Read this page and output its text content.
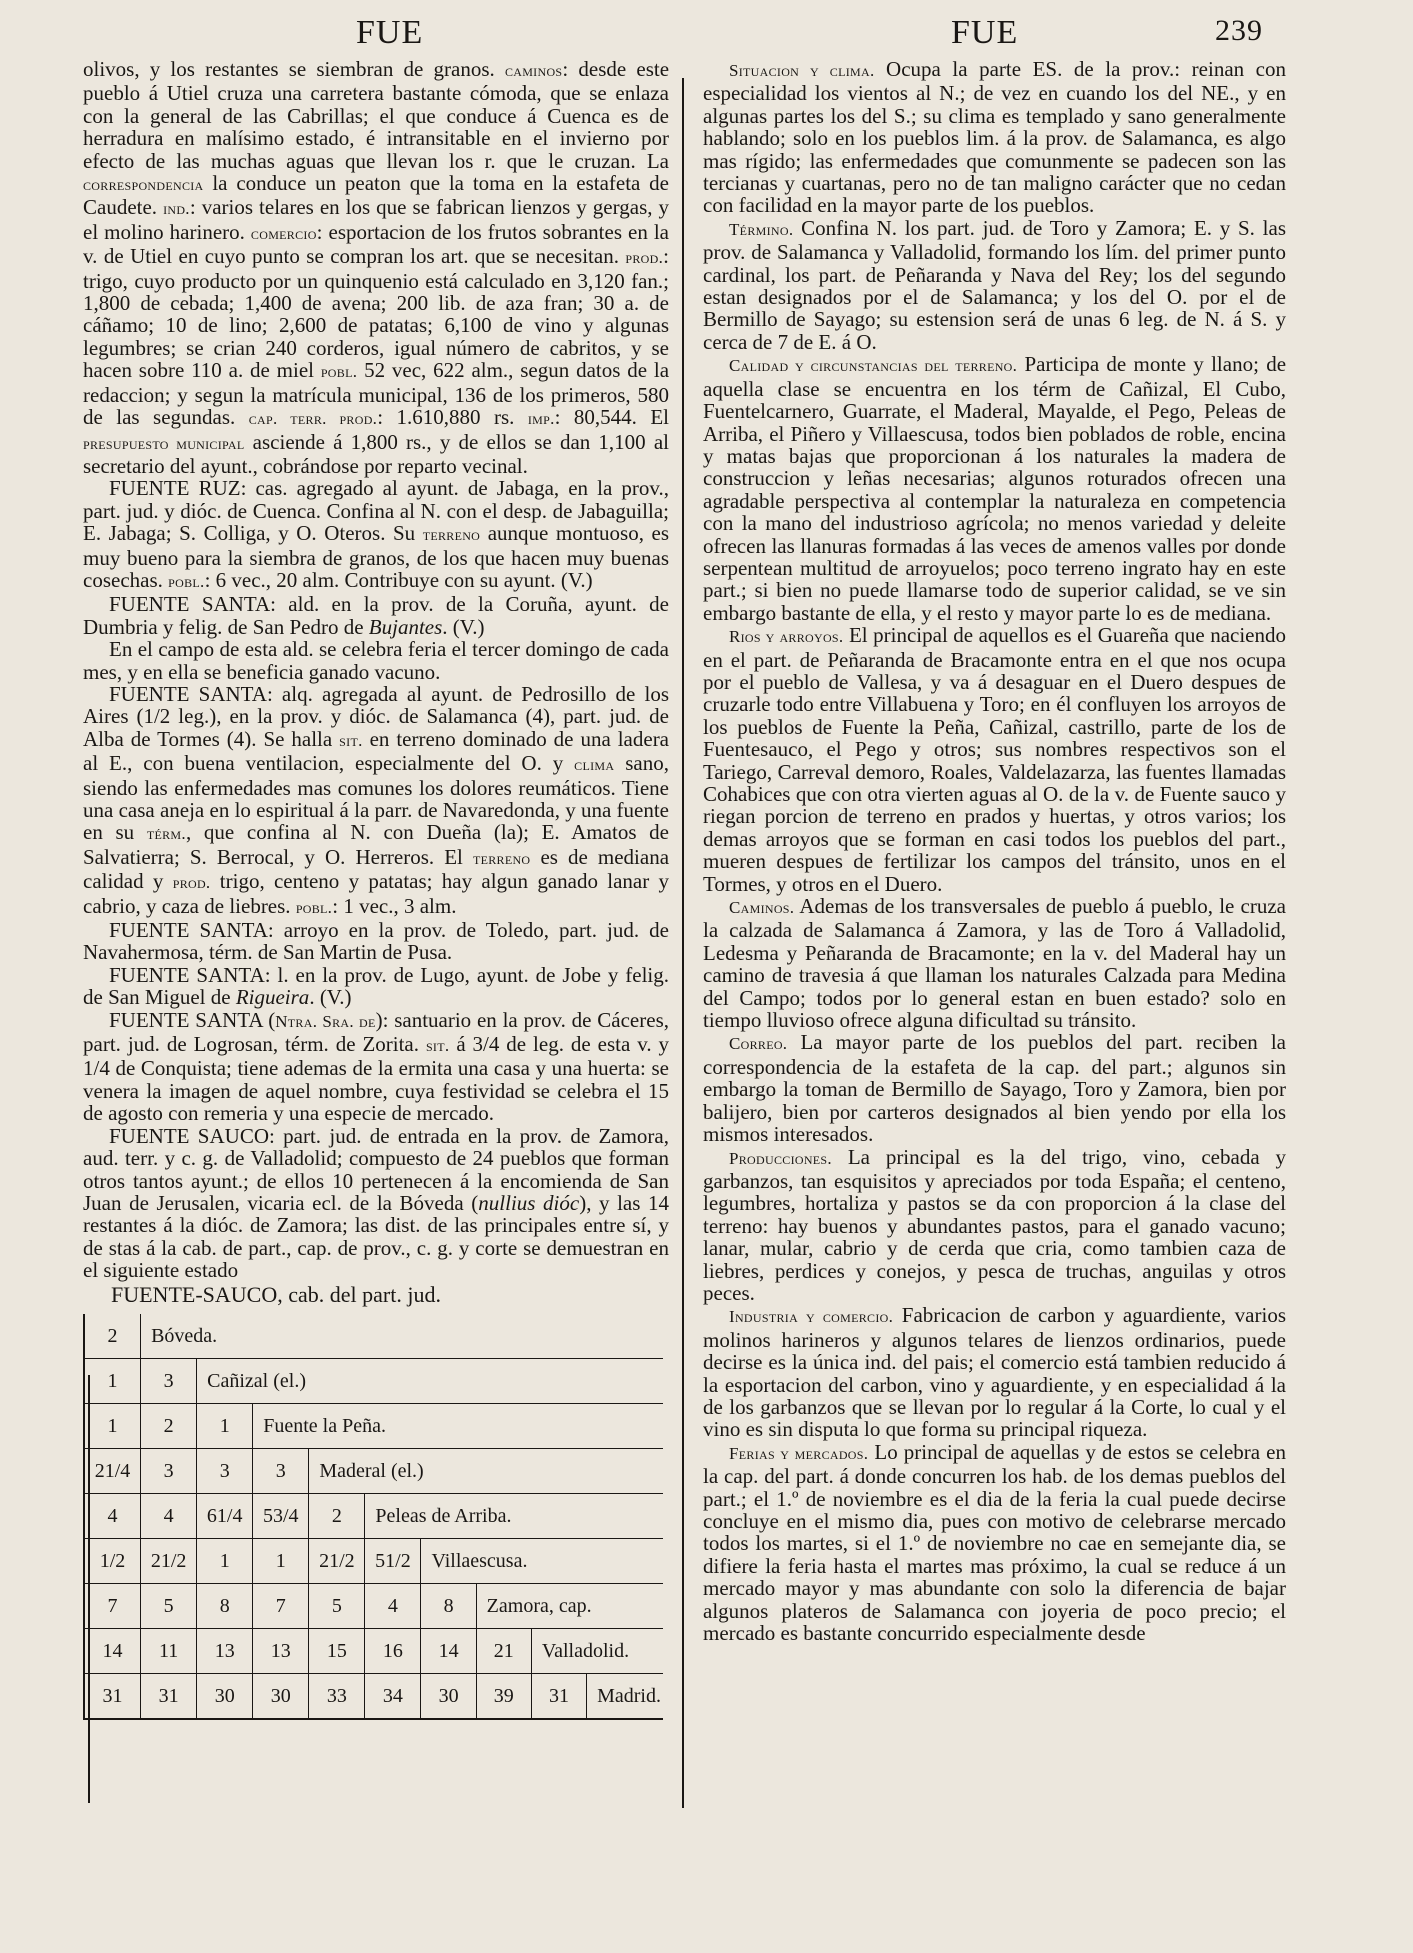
FUE	FUE	239

olivos, y los restantes se siembran de granos. caminos: desde este pueblo á Utiel cruza una carretera bastante cómoda, que se enlaza con la general de las Cabrillas; el que conduce á Cuenca es de herradura en malísimo estado, é intransitable en el invierno por efecto de las muchas aguas que llevan los r. que le cruzan. La correspondencia la conduce un peaton que la toma en la estafeta de Caudete. ind.: varios telares en los que se fabrican lienzos y gergas, y el molino harinero. comercio: esportacion de los frutos sobrantes en la v. de Utiel en cuyo punto se compran los art. que se necesitan. prod.: trigo, cuyo producto por un quinquenio está calculado en 3,120 fan.; 1,800 de cebada; 1,400 de avena; 200 lib. de aza fran; 30 a. de cáñamo; 10 de lino; 2,600 de patatas; 6,100 de vino y algunas legumbres; se crian 240 corderos, igual número de cabritos, y se hacen sobre 110 a. de miel pobl. 52 vec, 622 alm., segun datos de la redaccion; y segun la matrícula municipal, 136 de los primeros, 580 de las segundas. cap. terr. prod.: 1.610,880 rs. imp.: 80,544. El presupuesto municipal asciende á 1,800 rs., y de ellos se dan 1,100 al secretario del ayunt., cobrándose por reparto vecinal.

FUENTE RUZ: cas. agregado al ayunt. de Jabaga, en la prov., part. jud. y dióc. de Cuenca. Confina al N. con el desp. de Jabaguilla; E. Jabaga; S. Colliga, y O. Oteros. Su terreno aunque montuoso, es muy bueno para la siembra de granos, de los que hacen muy buenas cosechas. pobl.: 6 vec., 20 alm. Contribuye con su ayunt. (V.)

FUENTE SANTA: ald. en la prov. de la Coruña, ayunt. de Dumbria y felig. de San Pedro de Bujantes. (V.)

En el campo de esta ald. se celebra feria el tercer domingo de cada mes, y en ella se beneficia ganado vacuno.

FUENTE SANTA: alq. agregada al ayunt. de Pedrosillo de los Aires (1/2 leg.), en la prov. y dióc. de Salamanca (4), part. jud. de Alba de Tormes (4). Se halla sit. en terreno dominado de una ladera al E., con buena ventilacion, especialmente del O. y clima sano, siendo las enfermedades mas comunes los dolores reumáticos. Tiene una casa aneja en lo espiritual á la parr. de Navaredonda, y una fuente en su térm., que confina al N. con Dueña (la); E. Amatos de Salvatierra; S. Berrocal, y O. Herreros. El terreno es de mediana calidad y prod. trigo, centeno y patatas; hay algun ganado lanar y cabrio, y caza de liebres. pobl.: 1 vec., 3 alm.

FUENTE SANTA: arroyo en la prov. de Toledo, part. jud. de Navahermosa, térm. de San Martin de Pusa.

FUENTE SANTA: l. en la prov. de Lugo, ayunt. de Jobe y felig. de San Miguel de Rigueira. (V.)

FUENTE SANTA (Ntra. Sra. de): santuario en la prov. de Cáceres, part. jud. de Logrosan, térm. de Zorita. sit. á 3/4 de leg. de esta v. y 1/4 de Conquista; tiene ademas de la ermita una casa y una huerta: se venera la imagen de aquel nombre, cuya festividad se celebra el 15 de agosto con remeria y una especie de mercado.

FUENTE SAUCO: part. jud. de entrada en la prov. de Zamora, aud. terr. y c. g. de Valladolid; compuesto de 24 pueblos que forman otros tantos ayunt.; de ellos 10 pertenecen á la encomienda de San Juan de Jerusalen, vicaria ecl. de la Bóveda (nullius dióc), y las 14 restantes á la dióc. de Zamora; las dist. de las principales entre sí, y de stas á la cab. de part., cap. de prov., c. g. y corte se demuestran en el siguiente estado

FUENTE-SAUCO, cab. del part. jud.
2	Bóveda.								
1	3	Cañizal (el.)							
1	2	1	Fuente la Peña.						
21/4	3	3	3	Maderal (el.)					
4	4	61/4	53/4	2	Peleas de Arriba.				
1/2	21/2	1	1	21/2	51/2	Villaescusa.			
7	5	8	7	5	4	8	Zamora, cap.		
14	11	13	13	15	16	14	21	Valladolid.	
31	31	30	30	33	34	30	39	31	Madrid.

Situacion y clima. Ocupa la parte ES. de la prov.: reinan con especialidad los vientos al N.; de vez en cuando los del NE., y en algunas partes los del S.; su clima es templado y sano generalmente hablando; solo en los pueblos lim. á la prov. de Salamanca, es algo mas rígido; las enfermedades que comunmente se padecen son las tercianas y cuartanas, pero no de tan maligno carácter que no cedan con facilidad en la mayor parte de los pueblos.

Término. Confina N. los part. jud. de Toro y Zamora; E. y S. las prov. de Salamanca y Valladolid, formando los lím. del primer punto cardinal, los part. de Peñaranda y Nava del Rey; los del segundo estan designados por el de Salamanca; y los del O. por el de Bermillo de Sayago; su estension será de unas 6 leg. de N. á S. y cerca de 7 de E. á O.

Calidad y circunstancias del terreno. Participa de monte y llano; de aquella clase se encuentra en los térm de Cañizal, El Cubo, Fuentelcarnero, Guarrate, el Maderal, Mayalde, el Pego, Peleas de Arriba, el Piñero y Villaescusa, todos bien poblados de roble, encina y matas bajas que proporcionan á los naturales la madera de construccion y leñas necesarias; algunos roturados ofrecen una agradable perspectiva al contemplar la naturaleza en competencia con la mano del industrioso agrícola; no menos variedad y deleite ofrecen las llanuras formadas á las veces de amenos valles por donde serpentean multitud de arroyuelos; poco terreno ingrato hay en este part.; si bien no puede llamarse todo de superior calidad, se ve sin embargo bastante de ella, y el resto y mayor parte lo es de mediana.

Rios y arroyos. El principal de aquellos es el Guareña que naciendo en el part. de Peñaranda de Bracamonte entra en el que nos ocupa por el pueblo de Vallesa, y va á desaguar en el Duero despues de cruzarle todo entre Villabuena y Toro; en él confluyen los arroyos de los pueblos de Fuente la Peña, Cañizal, castrillo, parte de los de Fuentesauco, el Pego y otros; sus nombres respectivos son el Tariego, Carreval demoro, Roales, Valdelazarza, las fuentes llamadas Cohabices que con otra vierten aguas al O. de la v. de Fuente sauco y riegan porcion de terreno en prados y huertas, y otros varios; los demas arroyos que se forman en casi todos los pueblos del part., mueren despues de fertilizar los campos del tránsito, unos en el Tormes, y otros en el Duero.

Caminos. Ademas de los transversales de pueblo á pueblo, le cruza la calzada de Salamanca á Zamora, y las de Toro á Valladolid, Ledesma y Peñaranda de Bracamonte; en la v. del Maderal hay un camino de travesia á que llaman los naturales Calzada para Medina del Campo; todos por lo general estan en buen estado? solo en tiempo lluvioso ofrece alguna dificultad su tránsito.

Correo. La mayor parte de los pueblos del part. reciben la correspondencia de la estafeta de la cap. del part.; algunos sin embargo la toman de Bermillo de Sayago, Toro y Zamora, bien por balijero, bien por carteros designados al bien yendo por ella los mismos interesados.

Producciones. La principal es la del trigo, vino, cebada y garbanzos, tan esquisitos y apreciados por toda España; el centeno, legumbres, hortaliza y pastos se da con proporcion á la clase del terreno: hay buenos y abundantes pastos, para el ganado vacuno; lanar, mular, cabrio y de cerda que cria, como tambien caza de liebres, perdices y conejos, y pesca de truchas, anguilas y otros peces.

Industria y comercio. Fabricacion de carbon y aguardiente, varios molinos harineros y algunos telares de lienzos ordinarios, puede decirse es la única ind. del pais; el comercio está tambien reducido á la esportacion del carbon, vino y aguardiente, y en especialidad á la de los garbanzos que se llevan por lo regular á la Corte, lo cual y el vino es sin disputa lo que forma su principal riqueza.

Ferias y mercados. Lo principal de aquellas y de estos se celebra en la cap. del part. á donde concurren los hab. de los demas pueblos del part.; el 1.º de noviembre es el dia de la feria la cual puede decirse concluye en el mismo dia, pues con motivo de celebrarse mercado todos los martes, si el 1.º de noviembre no cae en semejante dia, se difiere la feria hasta el martes mas próximo, la cual se reduce á un mercado mayor y mas abundante con solo la diferencia de bajar algunos plateros de Salamanca con joyeria de poco precio; el mercado es bastante concurrido especialmente desde
